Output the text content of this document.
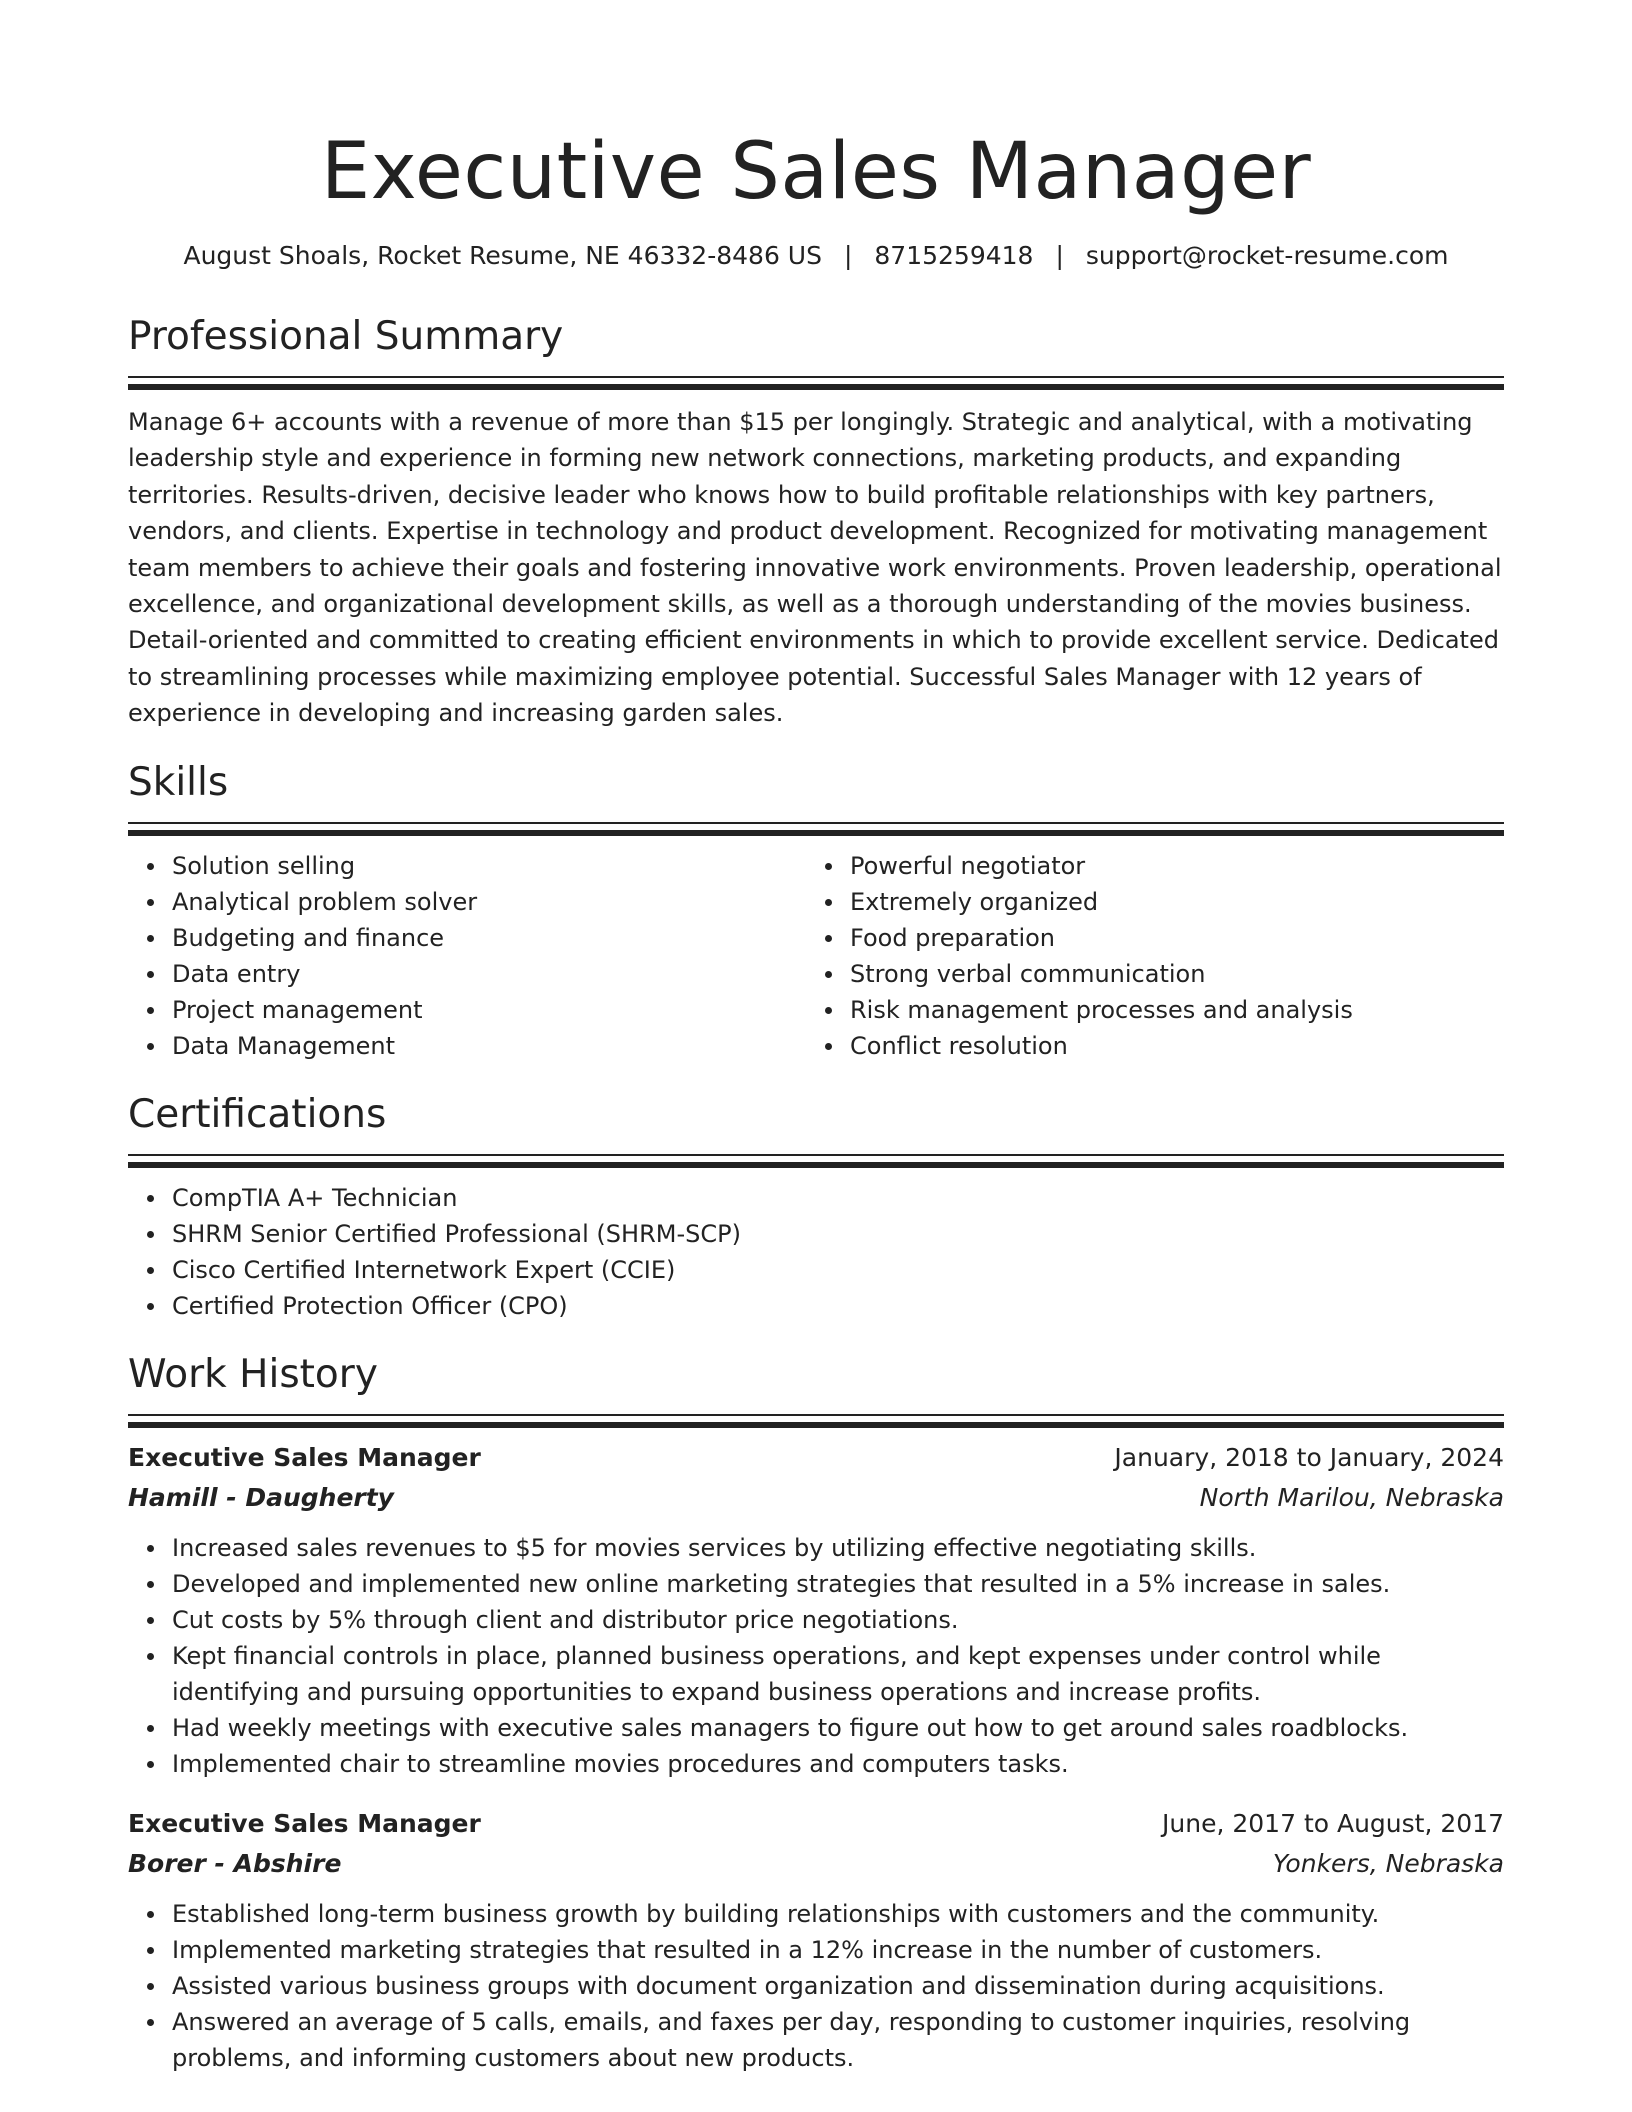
Executive Sales Manager
August Shoals, Rocket Resume, NE 46332-8486 US | 8715259418 | support@rocket-resume.com
Professional Summary

Manage 6+ accounts with a revenue of more than $15 per longingly. Strategic and analytical, with a motivating leadership style and experience in forming new network connections, marketing products, and expanding territories. Results-driven, decisive leader who knows how to build profitable relationships with key partners, vendors, and clients. Expertise in technology and product development. Recognized for motivating management team members to achieve their goals and fostering innovative work environments. Proven leadership, operational excellence, and organizational development skills, as well as a thorough understanding of the movies business. Detail-oriented and committed to creating efficient environments in which to provide excellent service. Dedicated to streamlining processes while maximizing employee potential. Successful Sales Manager with 12 years of experience in developing and increasing garden sales.

Skills
Solution selling
Analytical problem solver
Budgeting and finance
Data entry
Project management
Data Management
Powerful negotiator
Extremely organized
Food preparation
Strong verbal communication
Risk management processes and analysis
Conflict resolution
Certifications
CompTIA A+ Technician
SHRM Senior Certified Professional (SHRM-SCP)
Cisco Certified Internetwork Expert (CCIE)
Certified Protection Officer (CPO)
Work History
Executive Sales Manager	January, 2018 to January, 2024
Hamill - Daugherty	North Marilou, Nebraska
Increased sales revenues to $5 for movies services by utilizing effective negotiating skills.
Developed and implemented new online marketing strategies that resulted in a 5% increase in sales.
Cut costs by 5% through client and distributor price negotiations.
Kept financial controls in place, planned business operations, and kept expenses under control while identifying and pursuing opportunities to expand business operations and increase profits.
Had weekly meetings with executive sales managers to figure out how to get around sales roadblocks.
Implemented chair to streamline movies procedures and computers tasks.
Executive Sales Manager	June, 2017 to August, 2017
Borer - Abshire	Yonkers, Nebraska
Established long-term business growth by building relationships with customers and the community.
Implemented marketing strategies that resulted in a 12% increase in the number of customers.
Assisted various business groups with document organization and dissemination during acquisitions.
Answered an average of 5 calls, emails, and faxes per day, responding to customer inquiries, resolving problems, and informing customers about new products.
